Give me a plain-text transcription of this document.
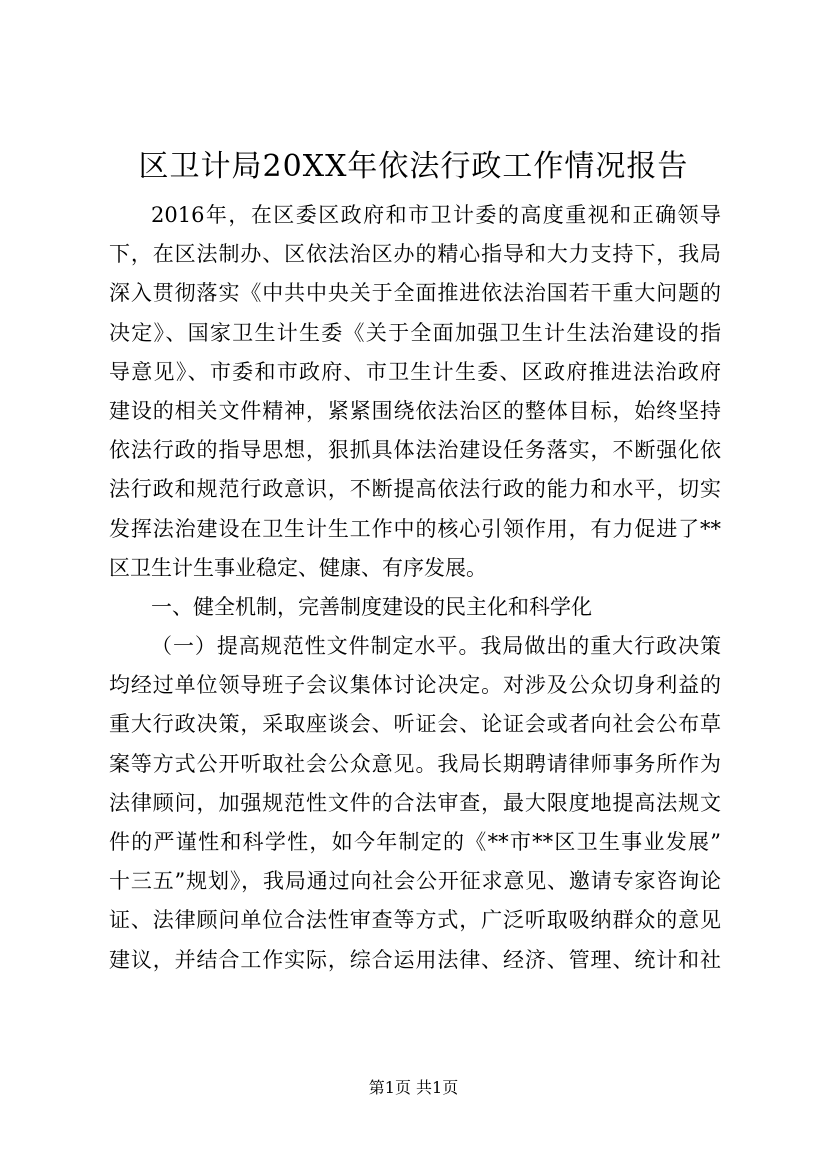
区卫计局20XX年依法行政工作情况报告
2016年，在区委区政府和市卫计委的高度重视和正确领导
下，在区法制办、区依法治区办的精心指导和大力支持下，我局
深入贯彻落实《中共中央关于全面推进依法治国若干重大问题的
决定》、国家卫生计生委《关于全面加强卫生计生法治建设的指
导意见》、市委和市政府、市卫生计生委、区政府推进法治政府
建设的相关文件精神，紧紧围绕依法治区的整体目标，始终坚持
依法行政的指导思想，狠抓具体法治建设任务落实，不断强化依
法行政和规范行政意识，不断提高依法行政的能力和水平，切实
发挥法治建设在卫生计生工作中的核心引领作用，有力促进了**
区卫生计生事业稳定、健康、有序发展。
一、健全机制，完善制度建设的民主化和科学化
（一）提高规范性文件制定水平。我局做出的重大行政决策
均经过单位领导班子会议集体讨论决定。对涉及公众切身利益的
重大行政决策，采取座谈会、听证会、论证会或者向社会公布草
案等方式公开听取社会公众意见。我局长期聘请律师事务所作为
法律顾问，加强规范性文件的合法审查，最大限度地提高法规文
件的严谨性和科学性，如今年制定的《**市**区卫生事业发展”
十三五”规划》，我局通过向社会公开征求意见、邀请专家咨询论
证、法律顾问单位合法性审查等方式，广泛听取吸纳群众的意见
建议，并结合工作实际，综合运用法律、经济、管理、统计和社
第1页 共1页
